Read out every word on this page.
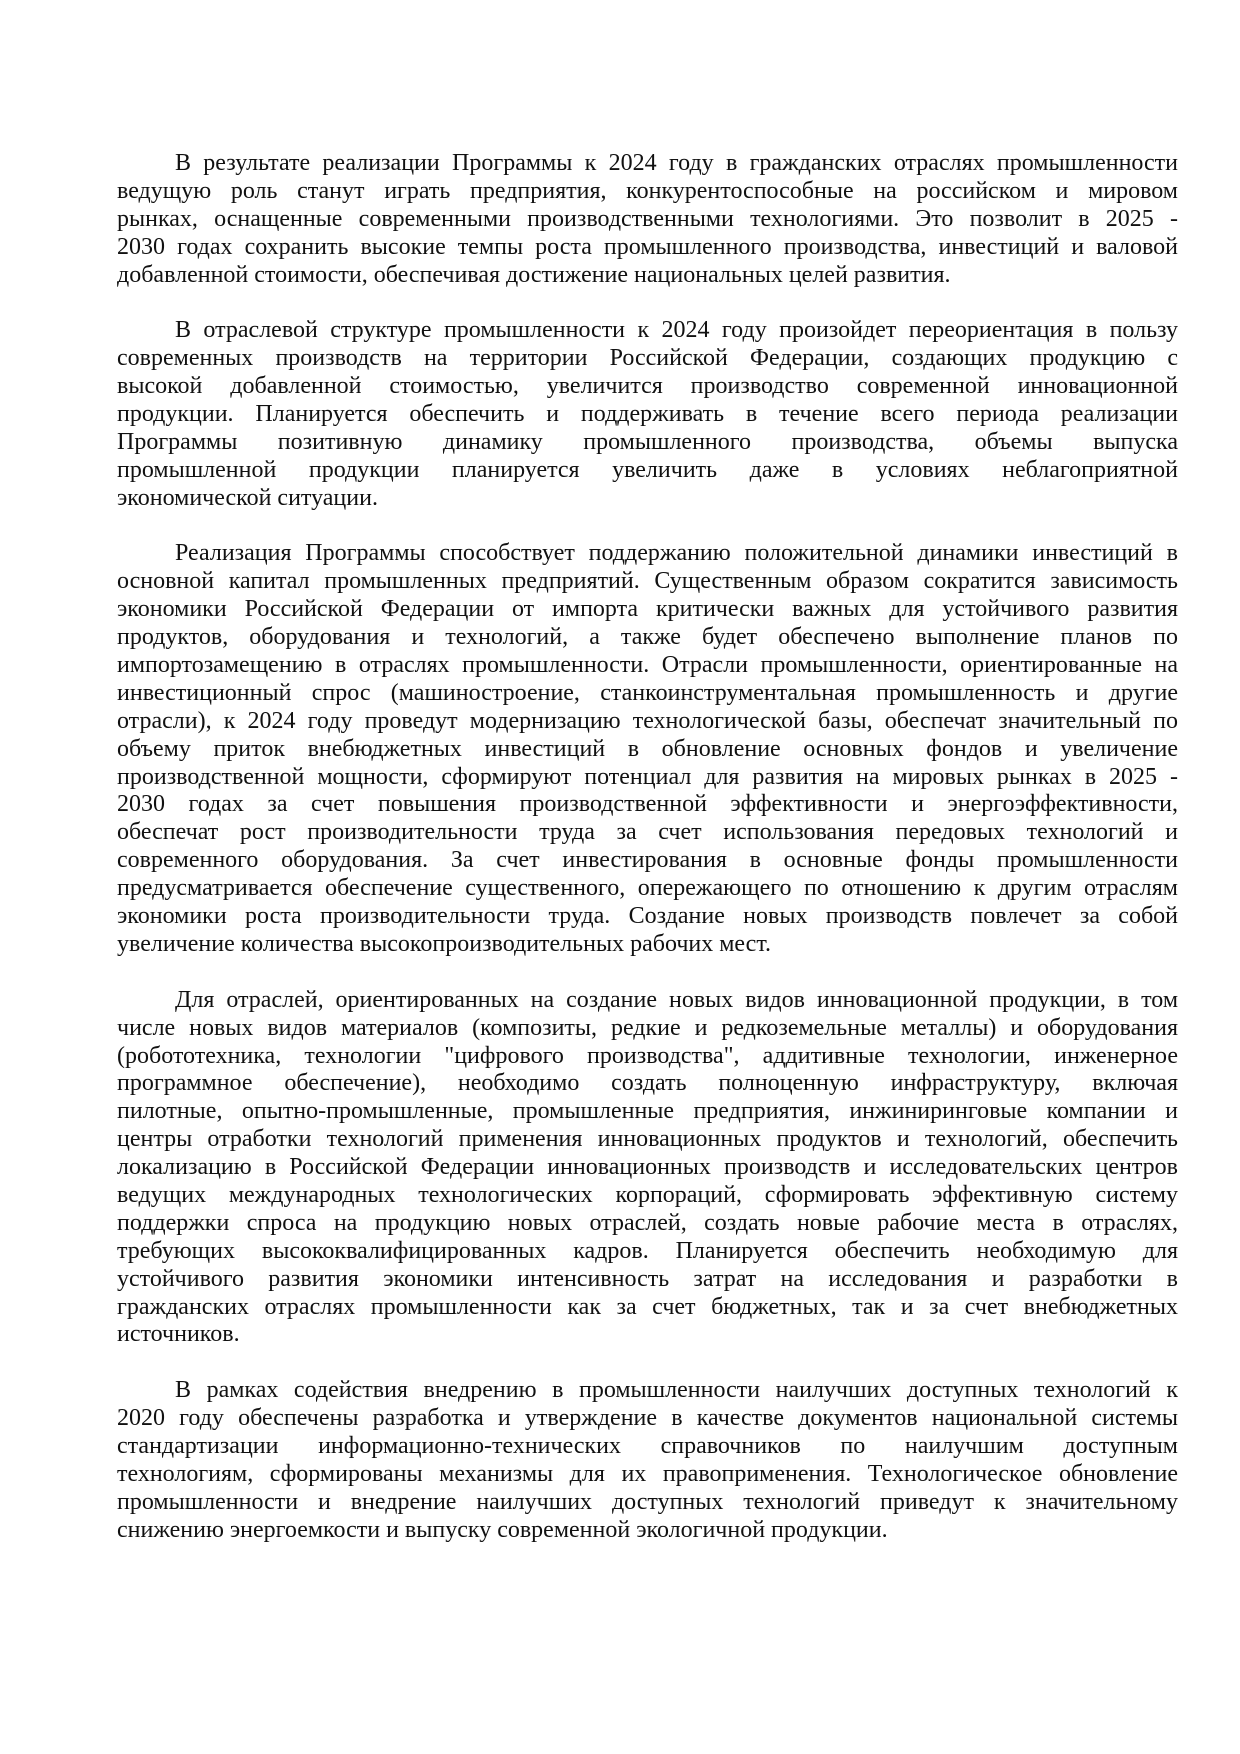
В результате реализации Программы к 2024 году в гражданских отраслях промышленности
ведущую роль станут играть предприятия, конкурентоспособные на российском и мировом
рынках, оснащенные современными производственными технологиями. Это позволит в 2025 -
2030 годах сохранить высокие темпы роста промышленного производства, инвестиций и валовой
добавленной стоимости, обеспечивая достижение национальных целей развития.
В отраслевой структуре промышленности к 2024 году произойдет переориентация в пользу
современных производств на территории Российской Федерации, создающих продукцию с
высокой добавленной стоимостью, увеличится производство современной инновационной
продукции. Планируется обеспечить и поддерживать в течение всего периода реализации
Программы позитивную динамику промышленного производства, объемы выпуска
промышленной продукции планируется увеличить даже в условиях неблагоприятной
экономической ситуации.
Реализация Программы способствует поддержанию положительной динамики инвестиций в
основной капитал промышленных предприятий. Существенным образом сократится зависимость
экономики Российской Федерации от импорта критически важных для устойчивого развития
продуктов, оборудования и технологий, а также будет обеспечено выполнение планов по
импортозамещению в отраслях промышленности. Отрасли промышленности, ориентированные на
инвестиционный спрос (машиностроение, станкоинструментальная промышленность и другие
отрасли), к 2024 году проведут модернизацию технологической базы, обеспечат значительный по
объему приток внебюджетных инвестиций в обновление основных фондов и увеличение
производственной мощности, сформируют потенциал для развития на мировых рынках в 2025 -
2030 годах за счет повышения производственной эффективности и энергоэффективности,
обеспечат рост производительности труда за счет использования передовых технологий и
современного оборудования. За счет инвестирования в основные фонды промышленности
предусматривается обеспечение существенного, опережающего по отношению к другим отраслям
экономики роста производительности труда. Создание новых производств повлечет за собой
увеличение количества высокопроизводительных рабочих мест.
Для отраслей, ориентированных на создание новых видов инновационной продукции, в том
числе новых видов материалов (композиты, редкие и редкоземельные металлы) и оборудования
(робототехника, технологии "цифрового производства", аддитивные технологии, инженерное
программное обеспечение), необходимо создать полноценную инфраструктуру, включая
пилотные, опытно-промышленные, промышленные предприятия, инжиниринговые компании и
центры отработки технологий применения инновационных продуктов и технологий, обеспечить
локализацию в Российской Федерации инновационных производств и исследовательских центров
ведущих международных технологических корпораций, сформировать эффективную систему
поддержки спроса на продукцию новых отраслей, создать новые рабочие места в отраслях,
требующих высококвалифицированных кадров. Планируется обеспечить необходимую для
устойчивого развития экономики интенсивность затрат на исследования и разработки в
гражданских отраслях промышленности как за счет бюджетных, так и за счет внебюджетных
источников.
В рамках содействия внедрению в промышленности наилучших доступных технологий к
2020 году обеспечены разработка и утверждение в качестве документов национальной системы
стандартизации информационно-технических справочников по наилучшим доступным
технологиям, сформированы механизмы для их правоприменения. Технологическое обновление
промышленности и внедрение наилучших доступных технологий приведут к значительному
снижению энергоемкости и выпуску современной экологичной продукции.
